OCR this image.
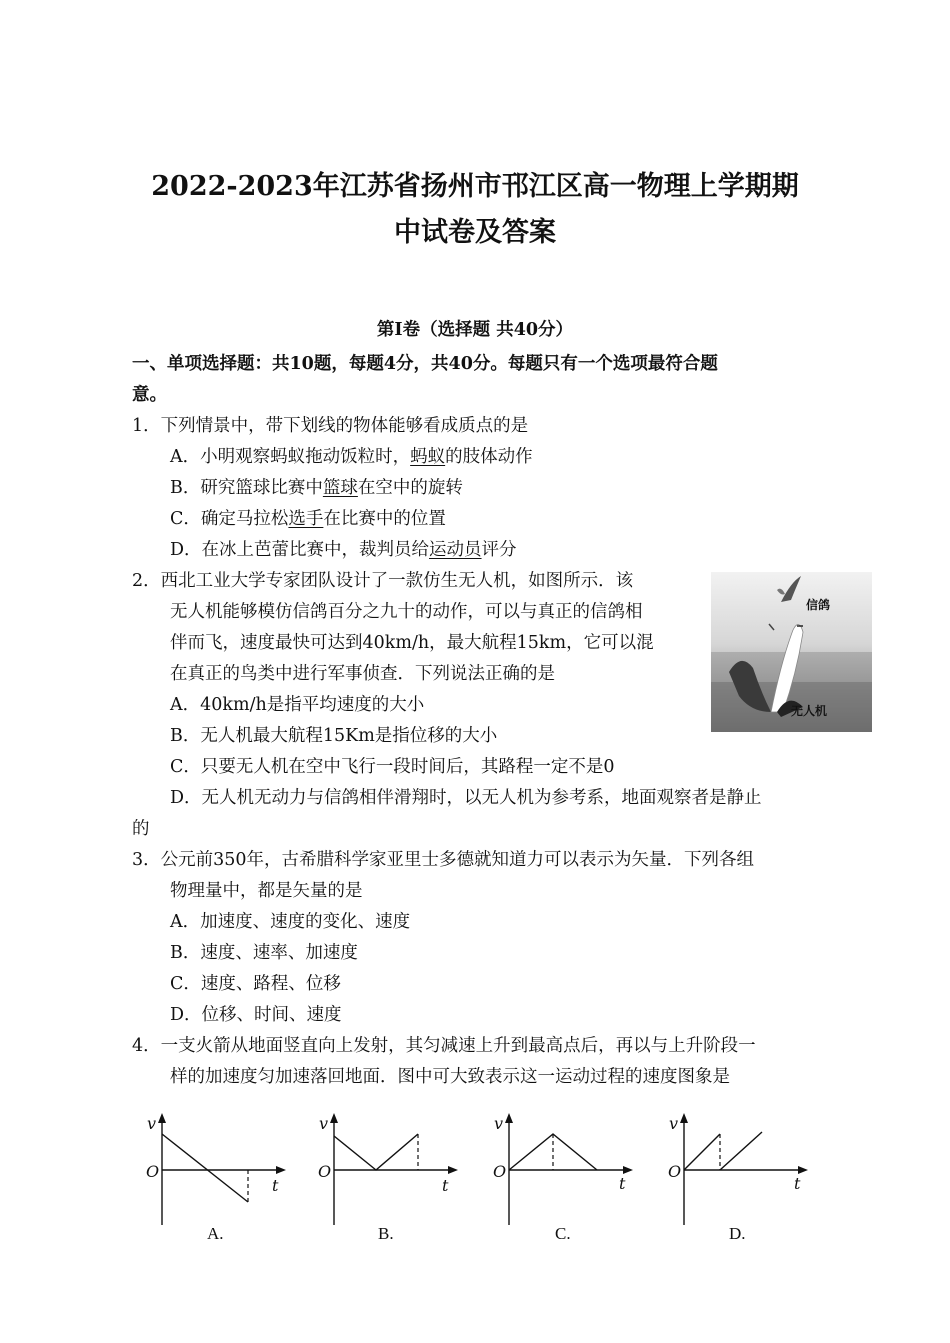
2022-2023年江苏省扬州市邗江区高一物理上学期期
中试卷及答案
第Ⅰ卷（选择题 共40分）
一、单项选择题：共10题，每题4分，共40分。每题只有一个选项最符合题
意。
1．下列情景中，带下划线的物体能够看成质点的是
A．小明观察蚂蚁拖动饭粒时，蚂蚁的肢体动作
B．研究篮球比赛中篮球在空中的旋转
C．确定马拉松选手在比赛中的位置
D．在冰上芭蕾比赛中，裁判员给运动员评分
2．西北工业大学专家团队设计了一款仿生无人机，如图所示．该
无人机能够模仿信鸽百分之九十的动作，可以与真正的信鸽相
伴而飞，速度最快可达到40km/h，最大航程15km，它可以混
在真正的鸟类中进行军事侦查．下列说法正确的是
A．40km/h是指平均速度的大小
B．无人机最大航程15Km是指位移的大小
C．只要无人机在空中飞行一段时间后，其路程一定不是0
D．无人机无动力与信鸽相伴滑翔时，以无人机为参考系，地面观察者是静止
的
信鸽
无人机
3．公元前350年，古希腊科学家亚里士多德就知道力可以表示为矢量．下列各组
物理量中，都是矢量的是
A．加速度、速度的变化、速度
B．速度、速率、加速度
C．速度、路程、位移
D．位移、时间、速度
4．一支火箭从地面竖直向上发射，其匀减速上升到最高点后，再以与上升阶段一
样的加速度匀加速落回地面．图中可大致表示这一运动过程的速度图象是
v
O
t
A.
v
O
t
B.
v
O
t
C.
v
O
t
D.
